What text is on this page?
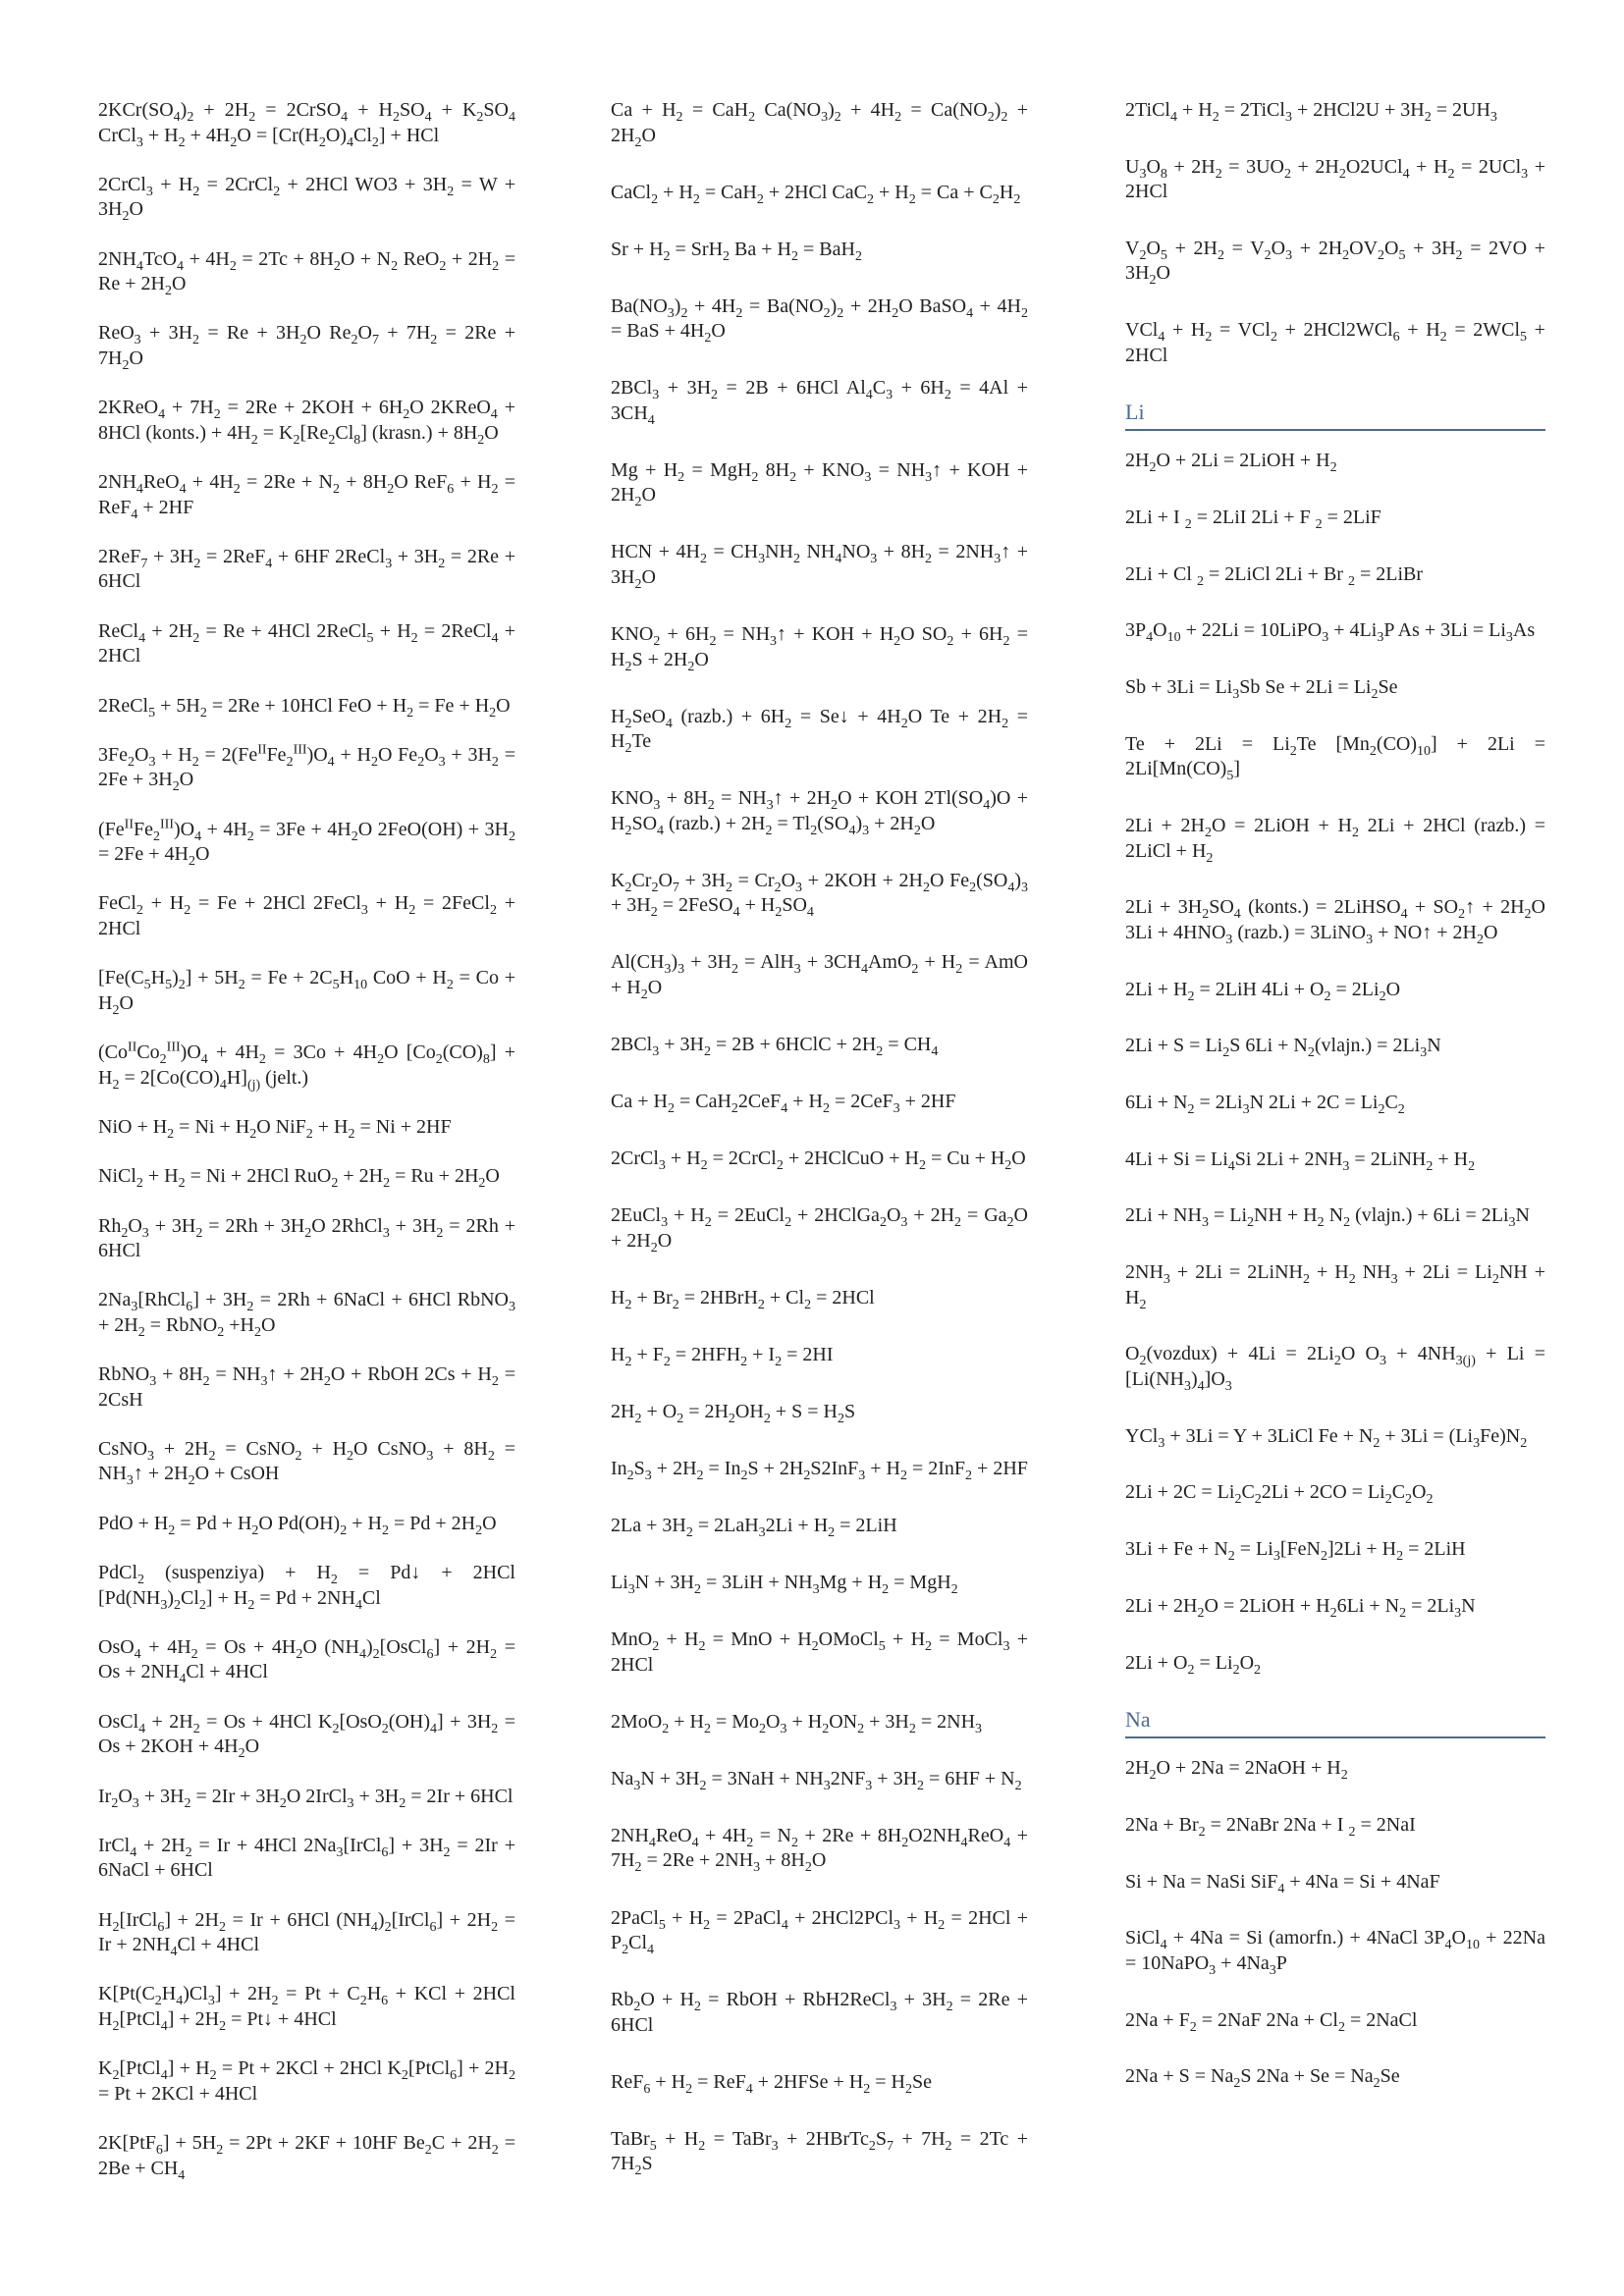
$2KCr(SO_4)_2 + 2H_2$ = 2CrSO$_4$ + $H_2SO_4 + K_2SO_4$ CrCl$_3$ + $H_2 + 4H_2O = [Cr(H_2O)_4Cl_2]$ + HCl

2CrCl$_3$ + $H_2$ = 2CrCl$_2$ + 2HCl $WO3 + 3H_2 = W + 3H_2O$

$2NH_4TcO_4 + 4H_2 = 2Tc + 8H_2O + N_2$ $ReO_2 + 2H_2 = Re + 2H_2O$

$ReO_3 + 3H_2 = Re + 3H_2O$ $Re_2O_7 + 7H_2 = 2Re + 7H_2O$

2KReO$_4$ + $7H_2 = 2Re + 2KOH + 6H_2O$ 2KReO$_4$ + 8HCl (konts.) + $4H_2 = K_2[Re_2Cl_8]$ (krasn.) + $8H_2O$

$2NH_4ReO_4 + 4H_2 = 2Re + N_2 + 8H_2O$ $ReF_6 + H_2 = ReF_4 + 2HF$

$2ReF_7 + 3H_2 = 2ReF_4 + 6HF$ 2ReCl$_3$ + $3H_2 = 2Re + 6HCl$

ReCl$_4$ + $2H_2 = Re + 4HCl$ 2ReCl$_5$ + $H_2$ = 2ReCl$_4$ + 2HCl

2ReCl$_5$ + $5H_2 = 2Re + 10HCl$ FeO + $H_2 = Fe + H_2O$

$3Fe_2O_3 + H_2 = 2(Fe^{II}Fe_2^{III})O_4 + H_2O$ $Fe_2O_3 + 3H_2 = 2Fe + 3H_2O$

$(Fe^{II}Fe_2^{III})O_4 + 4H_2 = 3Fe + 4H_2O$ $2FeO(OH) + 3H_2 = 2Fe + 4H_2O$

FeCl$_2$ + $H_2 = Fe + 2HCl$ 2FeCl$_3$ + $H_2$ = 2FeCl$_2$ + 2HCl

$[Fe(C_5H_5)_2] + 5H_2 = Fe + 2C_5H_{10}$ CoO + $H_2 = Co + H_2O$

$(Co^{II}Co_2^{III})O_4 + 4H_2 = 3Co + 4H_2O$ $[Co_2(CO)_8] + H_2 = 2[Co(CO)_4H]_{(j)}$ (jelt.)

NiO + $H_2 = Ni + H_2O$ $NiF_2 + H_2 = Ni + 2HF$

NiCl$_2$ + $H_2 = Ni + 2HCl$ $RuO_2 + 2H_2 = Ru + 2H_2O$

$Rh_2O_3 + 3H_2 = 2Rh + 3H_2O$ 2RhCl$_3$ + $3H_2 = 2Rh + 6HCl$

$2Na_3[RhCl_6] + 3H_2 = 2Rh$ + 6NaCl + 6HCl RbNO$_3$ + $2H_2$ = RbNO$_2$ $+H_2O$

RbNO$_3$ + $8H_2$ = $NH_3↑ + 2H_2O$ + RbOH $2Cs + H_2 = 2CsH$

CsNO$_3$ + $2H_2$ = CsNO$_2$ + $H_2O$ CsNO$_3$ + $8H_2$ = $NH_3↑ + 2H_2O$ + CsOH

PdO + $H_2 = Pd + H_2O$ $Pd(OH)_2 + H_2 = Pd + 2H_2O$

PdCl$_2$ (suspenziya) + $H_2$ = Pd↓ + 2HCl $[Pd(NH_3)_2Cl_2] + H_2 = Pd + 2NH_4Cl$

$OsO_4 + 4H_2 = Os + 4H_2O$ $(NH_4)_2[OsCl_6] + 2H_2 = Os + 2NH_4Cl + 4HCl$

OsCl$_4$ + $2H_2 = Os + 4HCl$ $K_2[OsO_2(OH)_4] + 3H_2 = Os + 2KOH + 4H_2O$

$Ir_2O_3 + 3H_2 = 2Ir + 3H_2O$ 2IrCl$_3$ + $3H_2 = 2Ir + 6HCl$

IrCl$_4$ + $2H_2 = Ir + 4HCl$ $2Na_3[IrCl_6] + 3H_2 = 2Ir$ + 6NaCl + 6HCl

$H_2[IrCl_6] + 2H_2 = Ir + 6HCl$ $(NH_4)_2[IrCl_6] + 2H_2 = Ir + 2NH_4Cl + 4HCl$

$K[Pt(C_2H_4)Cl_3] + 2H_2 = Pt + C_2H_6$ + KCl + 2HCl $H_2[PtCl_4] + 2H_2$ = Pt↓ + 4HCl

$K_2[PtCl_4] + H_2 = Pt + 2KCl + 2HCl$ $K_2[PtCl_6] + 2H_2 = Pt + 2KCl + 4HCl$

$2K[PtF_6] + 5H_2 = 2Pt + 2KF + 10HF$ $Be_2C + 2H_2 = 2Be + CH_4$

$Ca + H_2 = CaH_2$ $Ca(NO_3)_2 + 4H_2 = Ca(NO_2)_2 + 2H_2O$

CaCl$_2$ + $H_2 = CaH_2 + 2HCl$ $CaC_2 + H_2 = Ca + C_2H_2$

$Sr + H_2 = SrH_2$ $Ba + H_2 = BaH_2$

$Ba(NO_3)_2 + 4H_2 = Ba(NO_2)_2 + 2H_2O$ BaSO$_4$ + $4H_2$ = BaS + $4H_2O$

$2BCl_3 + 3H_2 = 2B + 6HCl$ $Al_4C_3 + 6H_2 = 4Al + 3CH_4$

$Mg + H_2 = MgH_2$ $8H_2 + KNO_3$ = $NH_3↑$ + KOH + $2H_2O$

HCN + $4H_2 = CH_3NH_2$ $NH_4NO_3 + 8H_2$ = $2NH_3↑ + 3H_2O$

$KNO_2 + 6H_2$ = $NH_3↑$ + KOH + $H_2O$ $SO_2 + 6H_2 = H_2S + 2H_2O$

$H_2SeO_4$ (razb.) + $6H_2$ = Se↓ + $4H_2O$ $Te + 2H_2 = H_2Te$

$KNO_3 + 8H_2$ = $NH_3↑ + 2H_2O$ + KOH $2Tl(SO_4)O + H_2SO_4$ (razb.) + $2H_2 = Tl_2(SO_4)_3 + 2H_2O$

$K_2Cr_2O_7 + 3H_2 = Cr_2O_3 + 2KOH + 2H_2O$ $Fe_2(SO_4)_3 + 3H_2$ = 2FeSO$_4$ + $H_2SO_4$

$Al(CH_3)_3 + 3H_2 = AlH_3 + 3CH_4AmO_2 + H_2$ = AmO + $H_2O$

$2BCl_3 + 3H_2 = 2B$ + 6HClC + $2H_2 = CH_4$

$Ca + H_2 = CaH_22CeF_4 + H_2 = 2CeF_3 + 2HF$

2CrCl$_3$ + $H_2$ = 2CrCl$_2$ + 2HClCuO + $H_2 = Cu + H_2O$

2EuCl$_3$ + $H_2$ = 2EuCl$_2$ + $2HClGa_2O_3 + 2H_2 = Ga_2O + 2H_2O$

$H_2 + Br_2$ = 2HBrH$_2$ + $Cl_2 = 2HCl$

$H_2 + F_2 = 2HFH_2 + I_2 = 2HI$

$2H_2 + O_2 = 2H_2OH_2 + S = H_2S$

$In_2S_3 + 2H_2 = In_2S + 2H_2S2InF_3 + H_2 = 2InF_2 + 2HF$

$2La + 3H_2 = 2LaH_32Li + H_2 = 2LiH$

$Li_3N + 3H_2 = 3LiH + NH_3Mg + H_2 = MgH_2$

$MnO_2 + H_2$ = MnO + $H_2OMoCl_5 + H_2$ = MoCl$_3$ + 2HCl

$2MoO_2 + H_2 = Mo_2O_3 + H_2ON_2 + 3H_2 = 2NH_3$

$Na_3N + 3H_2 = 3NaH + NH_32NF_3 + 3H_2 = 6HF + N_2$

$2NH_4ReO_4 + 4H_2 = N_2 + 2Re + 8H_2O2NH_4ReO_4 + 7H_2 = 2Re + 2NH_3 + 8H_2O$

2PaCl$_5$ + $H_2$ = 2PaCl$_4$ + $2HCl2PCl_3 + H_2 = 2HCl + P_2Cl_4$

$Rb_2O + H_2$ = RbOH + RbH2ReCl$_3$ + $3H_2 = 2Re + 6HCl$

$ReF_6 + H_2 = ReF_4$ + 2HFSe + $H_2 = H_2Se$

TaBr$_5$ + $H_2$ = TaBr$_3$ + $2HBrTc_2S_7 + 7H_2 = 2Tc + 7H_2S$

2TiCl$_4$ + $H_2$ = 2TiCl$_3$ + $2HCl2U + 3H_2 = 2UH_3$

$U_3O_8 + 2H_2 = 3UO_2 + 2H_2O2UCl_4 + H_2 = 2UCl_3 + 2HCl$

$V_2O_5 + 2H_2 = V_2O_3 + 2H_2OV_2O_5 + 3H_2 = 2VO + 3H_2O$

$VCl_4 + H_2 = VCl_2 + 2HCl2WCl_6 + H_2 = 2WCl_5 + 2HCl$

Li

$2H_2O + 2Li$ = 2LiOH + $H_2$

2Li + I $_2$ = 2LiI 2Li + F $_2$ = 2LiF

2Li + Cl $_2$ = 2LiCl 2Li + Br $_2$ = 2LiBr

$3P_4O_{10} + 22Li$ = 10LiPO$_3$ + $4Li_3P$ $As + 3Li = Li_3As$

$Sb + 3Li = Li_3Sb$ $Se + 2Li = Li_2Se$

$Te + 2Li = Li_2Te$ $[Mn_2(CO)_{10}] + 2Li = 2Li[Mn(CO)_5]$

$2Li + 2H_2O$ = 2LiOH + $H_2$ 2Li + 2HCl (razb.) = 2LiCl + $H_2$

$2Li + 3H_2SO_4$ (konts.) = 2LiHSO$_4$ + $SO_2↑ + 2H_2O$ $3Li + 4HNO_3$ (razb.) = 3LiNO$_3$ + NO↑ + $2H_2O$

$2Li + H_2 = 2LiH$ $4Li + O_2 = 2Li_2O$

$2Li + S = Li_2S$ $6Li + N_2(vlajn.) = 2Li_3N$

$6Li + N_2 = 2Li_3N$ $2Li + 2C = Li_2C_2$

$4Li + Si = Li_4Si$ $2Li + 2NH_3$ = 2LiNH$_2$ + $H_2$

$2Li + NH_3 = Li_2NH + H_2$ $N_2$ (vlajn.) + $6Li = 2Li_3N$

$2NH_3 + 2Li$ = 2LiNH$_2$ + $H_2$ $NH_3 + 2Li = Li_2NH + H_2$

$O_2(vozdux) + 4Li = 2Li_2O$ $O_3 + 4NH_{3(j)} + Li = [Li(NH_3)_4]O_3$

YCl$_3$ + 3Li = Y + 3LiCl $Fe + N_2 + 3Li = (Li_3Fe)N_2$

$2Li + 2C = Li_2C_22Li + 2CO = Li_2C_2O_2$

$3Li + Fe + N_2 = Li_3[FeN_2]2Li + H_2 = 2LiH$

$2Li + 2H_2O$ = 2LiOH + $H_26Li + N_2 = 2Li_3N$

$2Li + O_2 = Li_2O_2$

Na

$2H_2O + 2Na$ = 2NaOH + $H_2$

$2Na + Br_2$ = 2NaBr 2Na + I $_2$ = 2NaI

Si + Na = NaSi SiF$_4$ + 4Na = Si + 4NaF

SiCl$_4$ + 4Na = Si (amorfn.) + 4NaCl $3P_4O_{10} + 22Na$ = 10NaPO$_3$ + $4Na_3P$

$2Na + F_2 = 2NaF$ $2Na + Cl_2$ = 2NaCl

$2Na + S = Na_2S$ $2Na + Se = Na_2Se$
